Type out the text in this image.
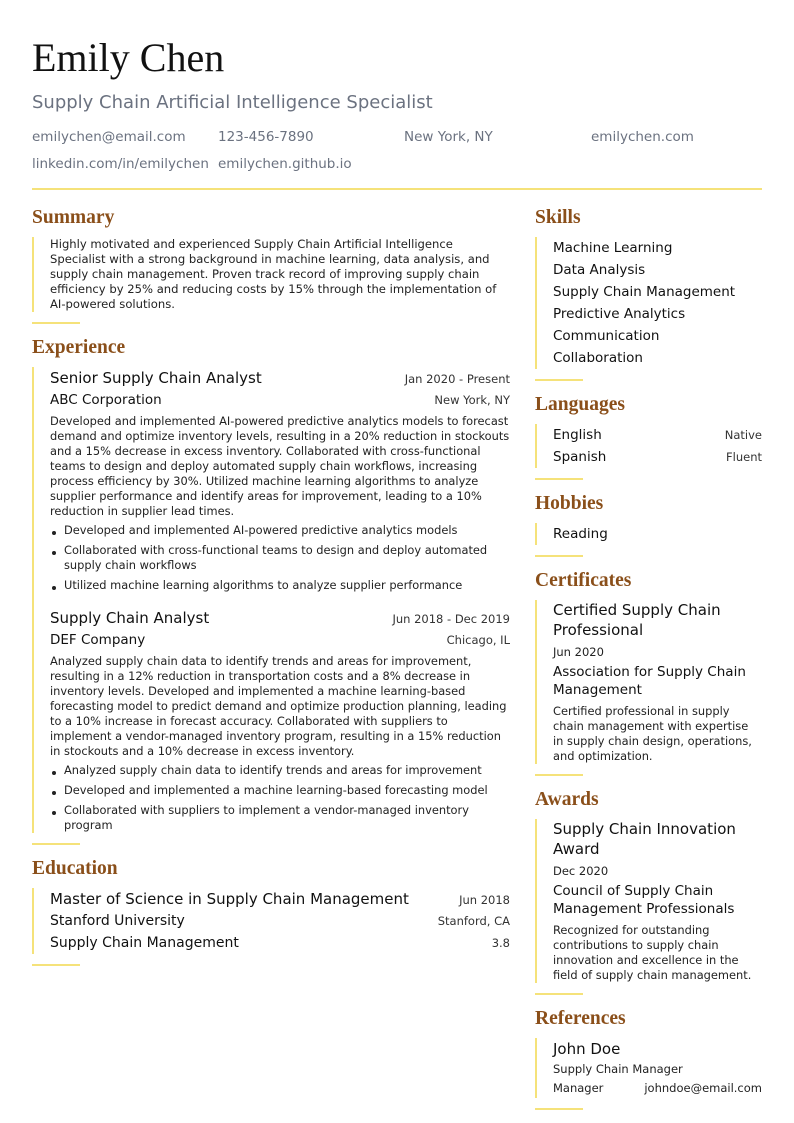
Emily Chen
Supply Chain Artificial Intelligence Specialist
emilychen@email.com	123-456-7890	New York, NY	emilychen.com
linkedin.com/in/emilychen emilychen.github.io
Summary

Highly motivated and experienced Supply Chain Artificial Intelligence Specialist with a strong background in machine learning, data analysis, and supply chain management. Proven track record of improving supply chain efficiency by 25% and reducing costs by 15% through the implementation of AI-powered solutions.

Experience
Senior Supply Chain Analyst	Jan 2020 - Present
ABC Corporation	New York, NY

Developed and implemented AI-powered predictive analytics models to forecast demand and optimize inventory levels, resulting in a 20% reduction in stockouts and a 15% decrease in excess inventory. Collaborated with cross-functional teams to design and deploy automated supply chain workflows, increasing process efficiency by 30%. Utilized machine learning algorithms to analyze supplier performance and identify areas for improvement, leading to a 10% reduction in supplier lead times.

Developed and implemented AI-powered predictive analytics models
Collaborated with cross-functional teams to design and deploy automated supply chain workflows
Utilized machine learning algorithms to analyze supplier performance
Supply Chain Analyst	Jun 2018 - Dec 2019
DEF Company	Chicago, IL

Analyzed supply chain data to identify trends and areas for improvement, resulting in a 12% reduction in transportation costs and a 8% decrease in inventory levels. Developed and implemented a machine learning-based forecasting model to predict demand and optimize production planning, leading to a 10% increase in forecast accuracy. Collaborated with suppliers to implement a vendor-managed inventory program, resulting in a 15% reduction in stockouts and a 10% decrease in excess inventory.

Analyzed supply chain data to identify trends and areas for improvement
Developed and implemented a machine learning-based forecasting model
Collaborated with suppliers to implement a vendor-managed inventory program
Education
Master of Science in Supply Chain Management	Jun 2018
Stanford University	Stanford, CA
Supply Chain Management	3.8
Skills
Machine Learning
Data Analysis
Supply Chain Management
Predictive Analytics
Communication
Collaboration
Languages
English	Native
Spanish	Fluent
Hobbies
Reading
Certificates
Certified Supply Chain Professional
Jun 2020
Association for Supply Chain Management
Certified professional in supply chain management with expertise in supply chain design, operations, and optimization.
Awards
Supply Chain Innovation Award
Dec 2020
Council of Supply Chain Management Professionals
Recognized for outstanding contributions to supply chain innovation and excellence in the field of supply chain management.
References
John Doe
Supply Chain Manager
Manager	johndoe@email.com
